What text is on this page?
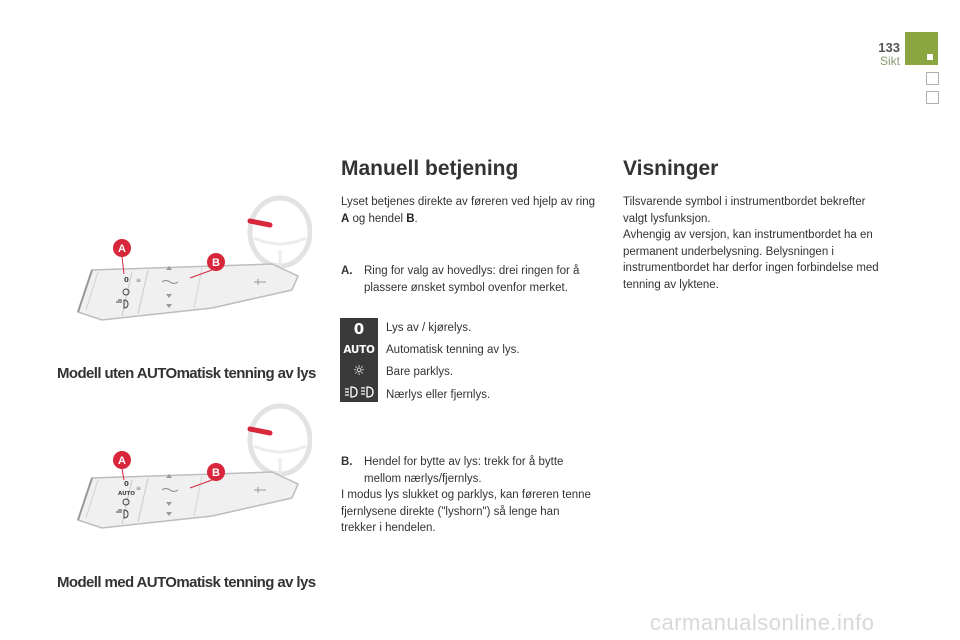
133
Sikt
0 ≡
A
B
Modell uten AUTOmatisk tenning av lys
0
AUTO
≡
A
B
Modell med AUTOmatisk tenning av lys
Manuell betjening
Lyset betjenes direkte av føreren ved hjelp av ring A og hendel B.
A. Ring for valg av hovedlys: drei ringen for å plassere ønsket symbol ovenfor merket.
0
AUTO
☼
Lys av / kjørelys.
Automatisk tenning av lys.
Bare parklys.
Nærlys eller fjernlys.
B. Hendel for bytte av lys: trekk for å bytte mellom nærlys/fjernlys.
I modus lys slukket og parklys, kan føreren tenne fjernlysene direkte ("lyshorn") så lenge han trekker i hendelen.
Visninger
Tilsvarende symbol i instrumentbordet bekrefter valgt lysfunksjon.
Avhengig av versjon, kan instrumentbordet ha en permanent underbelysning. Belysningen i instrumentbordet har derfor ingen forbindelse med tenning av lyktene.
carmanualsonline.info
